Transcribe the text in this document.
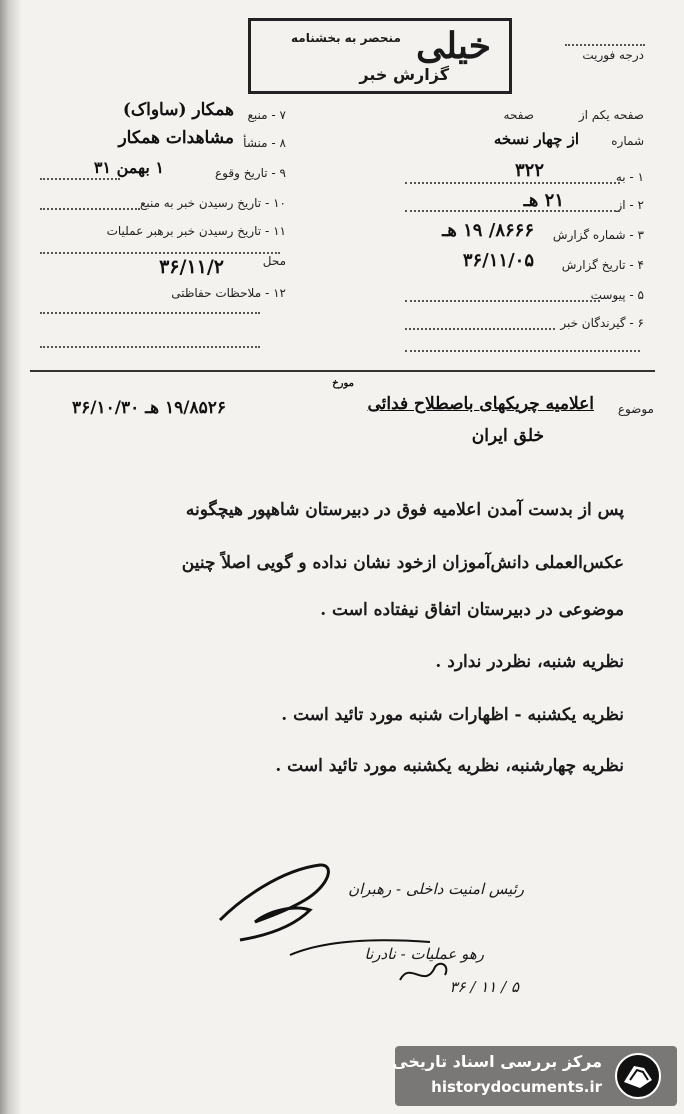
خیلی
گزارش خبر
منحصر به بخشنامه
درجه فوریت
صفحه یکم از
صفحه
شماره
از چهار نسخه
۱ - به
۳۲۲
۲ - از
۲۱ هـ
۳ - شماره گزارش
۸۶۶۶/ ۱۹ هـ
۴ - تاریخ گزارش
۳۶/۱۱/۰۵
۵ - پیوست
۶ - گیرندگان خبر
۷ - منبع
همکار (ساواک)
۸ - منشأ
مشاهدات همکار
۹ - تاریخ وقوع
۱ بهمن ۳۱
۱۰ - تاریخ رسیدن خبر به منبع
۱۱ - تاریخ رسیدن خبر برهبر عملیات
محل
۳۶/۱۱/۲
۱۲ - ملاحظات حفاظتی
موضوع
اعلامیه چریکهای باصطلاح فدائی
مورخ
۱۹/۸۵۲۶ هـ ۳۶/۱۰/۳۰
خلق ایران
پس از بدست آمدن اعلامیه فوق در دبیرستان شاهپور هیچگونه
عکس‌العملی دانش‌آموزان ازخود نشان نداده و گویی اصلاً چنین
موضوعی در دبیرستان اتفاق نیفتاده است .
نظریه شنبه، نظردر ندارد .
نظریه یکشنبه - اظهارات شنبه مورد تائید است .
نظریه چهارشنبه، نظریه یکشنبه مورد تائید است .
رئیس امنیت داخلی - رهبران
رهو عملیات - نادرنا
۵ / ۱۱ / ۳۶
مرکز بررسی اسناد تاریخی
historydocuments.ir
